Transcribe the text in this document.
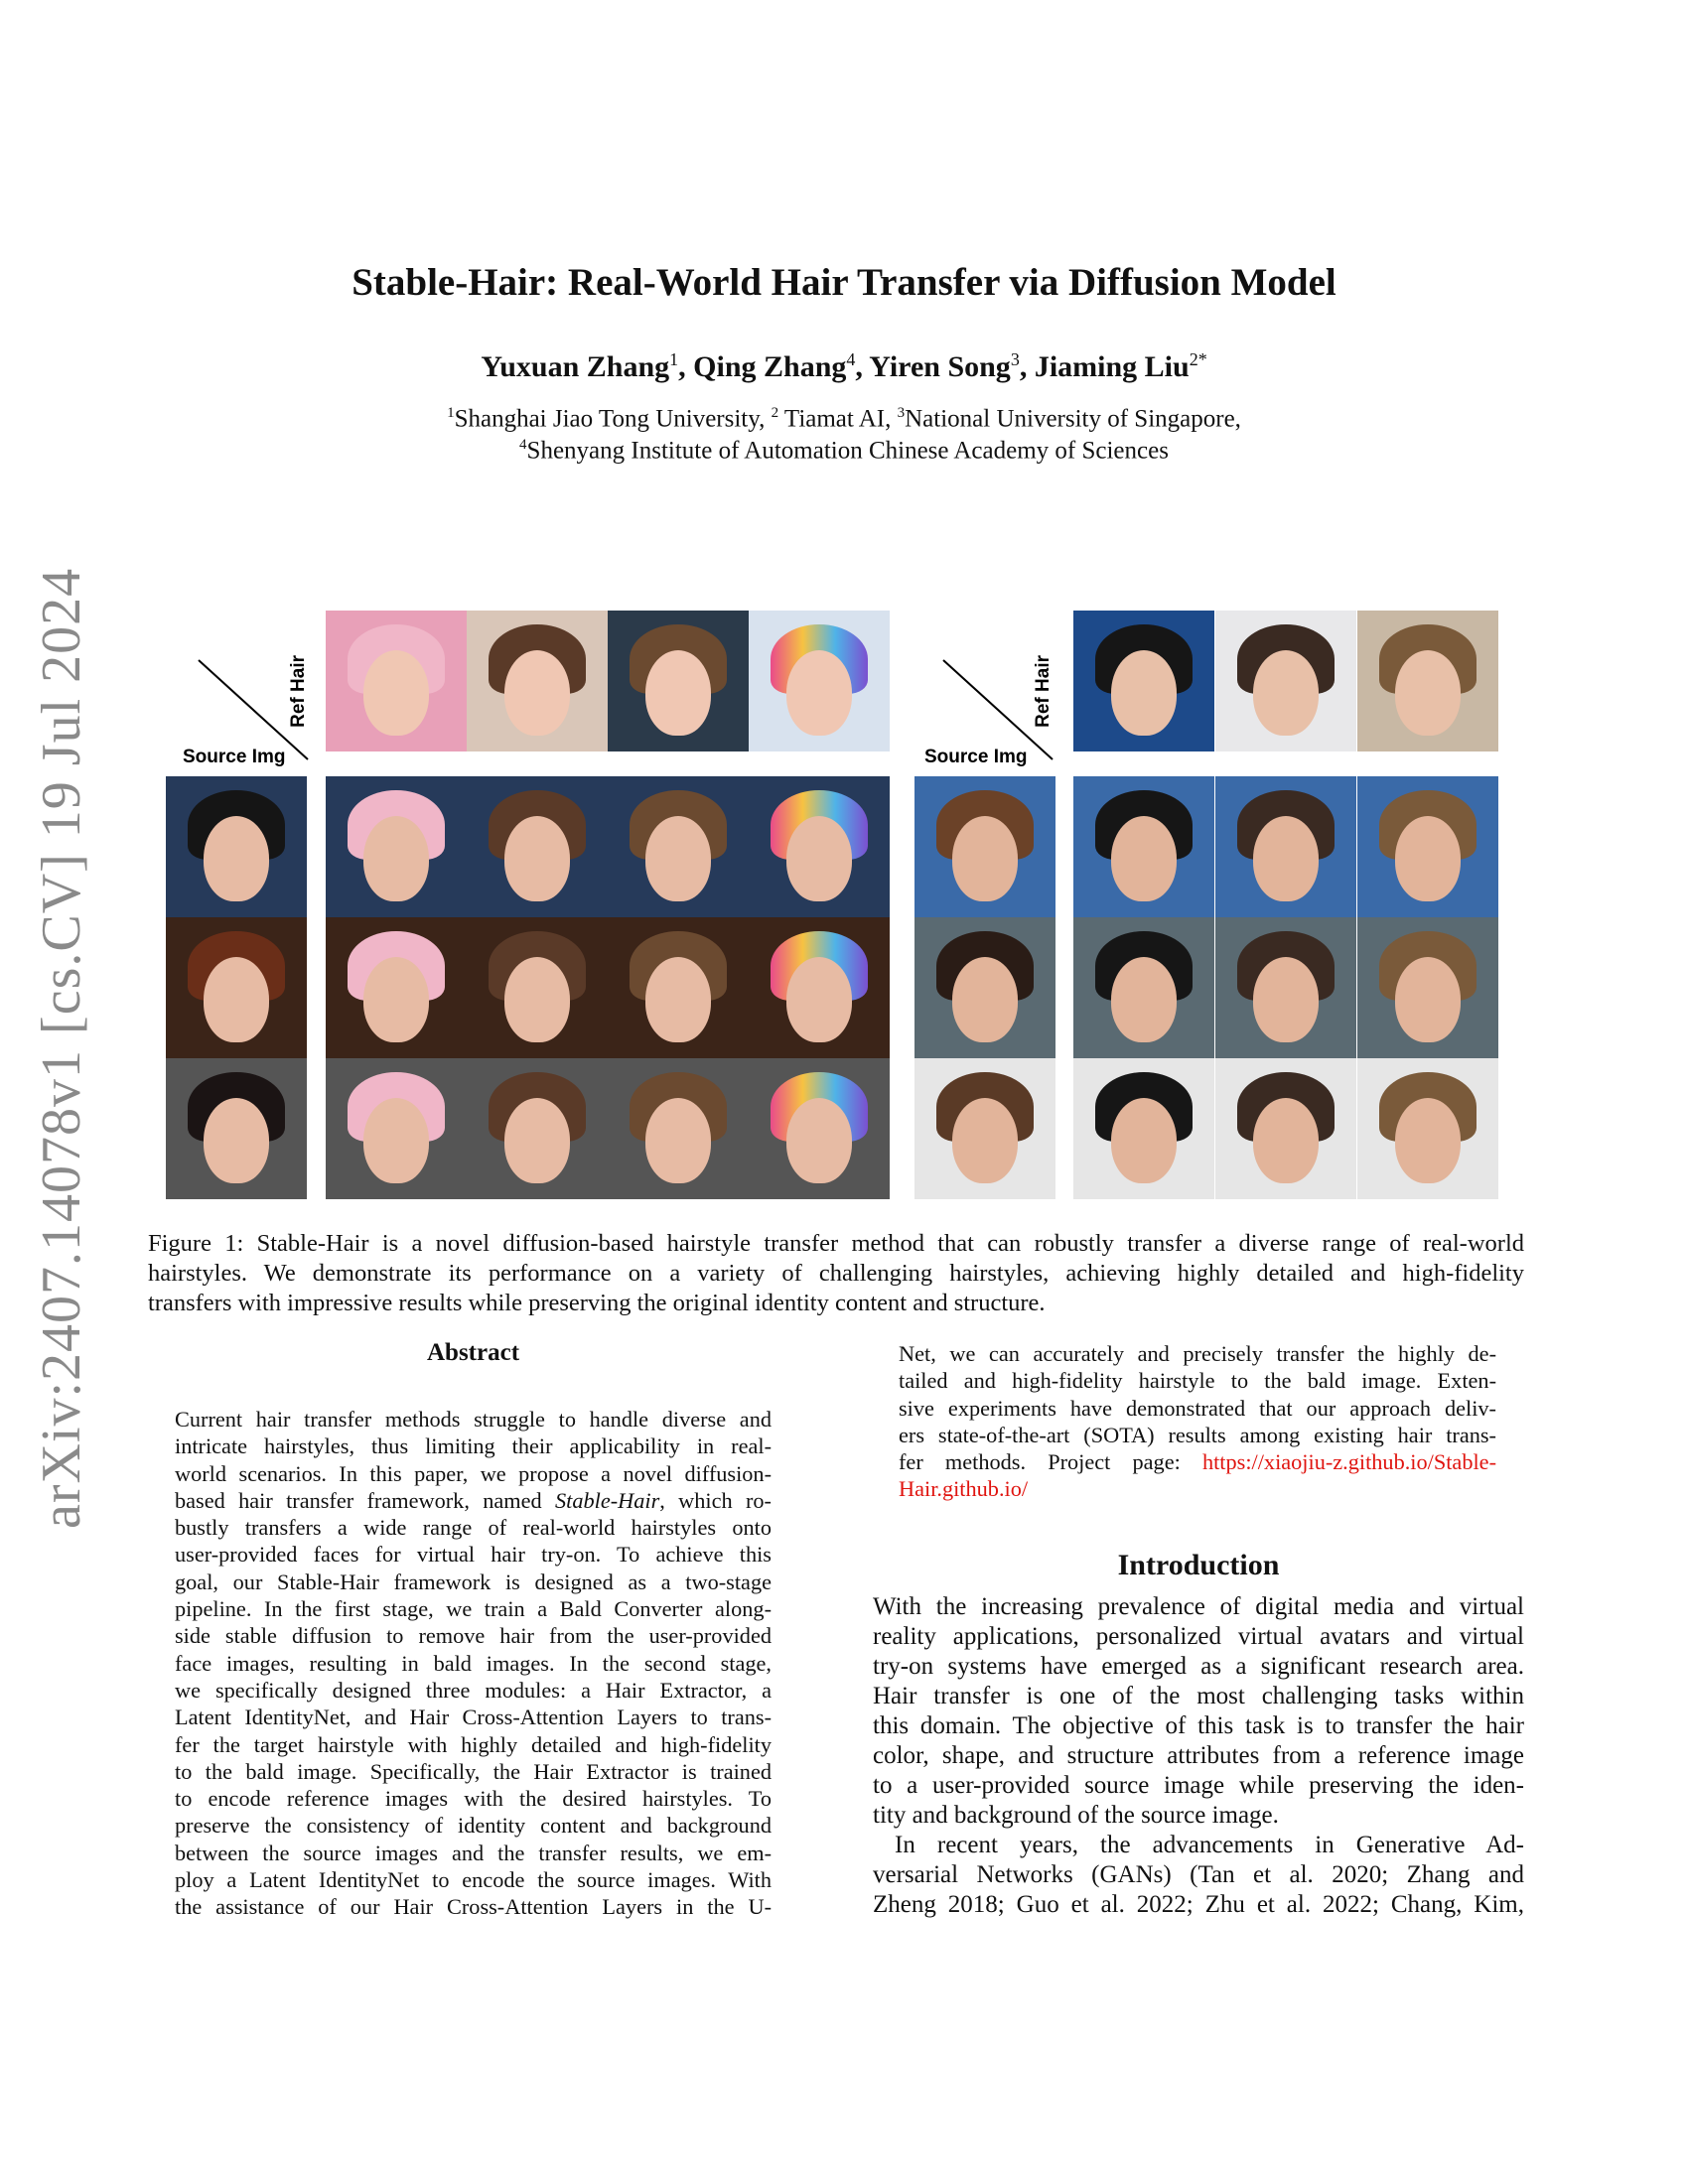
arXiv:2407.14078v1 [cs.CV] 19 Jul 2024
Stable-Hair: Real-World Hair Transfer via Diffusion Model
Yuxuan Zhang$^1$, Qing Zhang$^4$, Yiren Song$^3$, Jiaming Liu$^{2*}$
$^1$Shanghai Jiao Tong University, $^2$ Tiamat AI, $^3$National University of Singapore,
$^4$Shenyang Institute of Automation Chinese Academy of Sciences
Ref Hair
Source Img
Ref Hair
Source Img
Figure 1: Stable-Hair is a novel diffusion-based hairstyle transfer method that can robustly transfer a diverse range of real-world
hairstyles. We demonstrate its performance on a variety of challenging hairstyles, achieving highly detailed and high-fidelity
transfers with impressive results while preserving the original identity content and structure.
Abstract
Current hair transfer methods struggle to handle diverse and
intricate hairstyles, thus limiting their applicability in real-
world scenarios. In this paper, we propose a novel diffusion-
based hair transfer framework, named Stable-Hair, which ro-
bustly transfers a wide range of real-world hairstyles onto
user-provided faces for virtual hair try-on. To achieve this
goal, our Stable-Hair framework is designed as a two-stage
pipeline. In the first stage, we train a Bald Converter along-
side stable diffusion to remove hair from the user-provided
face images, resulting in bald images. In the second stage,
we specifically designed three modules: a Hair Extractor, a
Latent IdentityNet, and Hair Cross-Attention Layers to trans-
fer the target hairstyle with highly detailed and high-fidelity
to the bald image. Specifically, the Hair Extractor is trained
to encode reference images with the desired hairstyles. To
preserve the consistency of identity content and background
between the source images and the transfer results, we em-
ploy a Latent IdentityNet to encode the source images. With
the assistance of our Hair Cross-Attention Layers in the U-
Net, we can accurately and precisely transfer the highly de-
tailed and high-fidelity hairstyle to the bald image. Exten-
sive experiments have demonstrated that our approach deliv-
ers state-of-the-art (SOTA) results among existing hair trans-
fer methods. Project page: https://xiaojiu-z.github.io/Stable-
Hair.github.io/
Introduction
With the increasing prevalence of digital media and virtual
reality applications, personalized virtual avatars and virtual
try-on systems have emerged as a significant research area.
Hair transfer is one of the most challenging tasks within
this domain. The objective of this task is to transfer the hair
color, shape, and structure attributes from a reference image
to a user-provided source image while preserving the iden-
tity and background of the source image.
In recent years, the advancements in Generative Ad-
versarial Networks (GANs) (Tan et al. 2020; Zhang and
Zheng 2018; Guo et al. 2022; Zhu et al. 2022; Chang, Kim,
